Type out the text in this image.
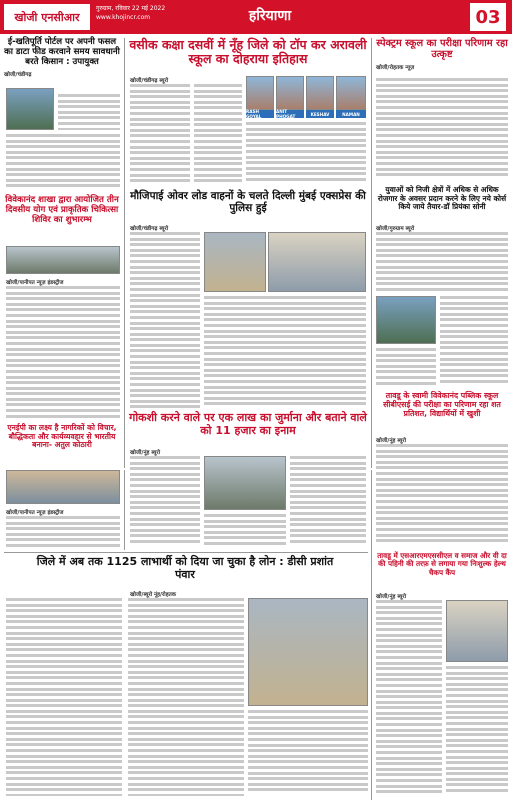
खोजी एनसीआर
गुरुग्राम, रविवार 22 मई 2022
www.khojincr.com	हरियाणा	03
ई-खतिपूर्ति पोर्टल पर अपनी फसल का डाटा फीड करवाने समय सावधानी बरते किसान : उपायुक्त
खोजी/चंडीगढ़
विवेकानंद शाखा द्वारा आयोजित तीन दिवसीय योग एवं प्राकृतिक चिकित्सा शिविर का शुभारम्भ
खोजी/पानीपत न्यूज़ इंडस्ट्रीज
एनईपी का लक्ष्य है नागरिकों को विचार, बौद्धिकता और कार्यव्यवहार से भारतीय बनाना- अतुल कोठारी
खोजी/पानीपत न्यूज़ इंडस्ट्रीज
वसीक कक्षा दसवीं में नूँह जिले को टॉप कर अरावली स्कूल का दोहराया इतिहास
खोजी/चंडीगढ़ ब्यूरो
RASH GOYAL
ANIT PHOGAT	KESHAV	NAMAN
मौजिपाई ओवर लोड वाहनों के चलते दिल्ली मुंबई एक्सप्रेस की पुलिस हुई
खोजी/चंडीगढ़ ब्यूरो
गोकशी करने वाले पर एक लाख का जुर्माना और बताने वाले को 11 हजार का इनाम
खोजी/नूंह ब्यूरो
जिले में अब तक 1125 लाभार्थी को दिया जा चुका है लोन : डीसी प्रशांत पंवार
खोजी/ब्यूरो नूंह/रोहतक
स्पेक्ट्रम स्कूल का परीक्षा परिणाम रहा उत्कृष्ट
खोजी/रोहतक न्यूज़
युवाओं को निजी क्षेत्रों में अधिक से अधिक रोजगार के अवसर प्रदान करने के लिए नये कोर्स किये जाये तैयार-डॉ प्रियंका सोनी
खोजी/गुरुग्राम ब्यूरो
तावडू के स्वामी विवेकानंद पब्लिक स्कूल सीबीएसई की परीक्षा का परिणाम रहा शत प्रतिशत, विद्यार्थियों में खुशी
खोजी/नूंह ब्यूरो
तावडू में एसआरएमएससीएल व समाज और वी दा की पहिनी की तरफ़ से लगाया गया निःशुल्क हेल्थ चैकप कैंप
खोजी/नूंह ब्यूरो
